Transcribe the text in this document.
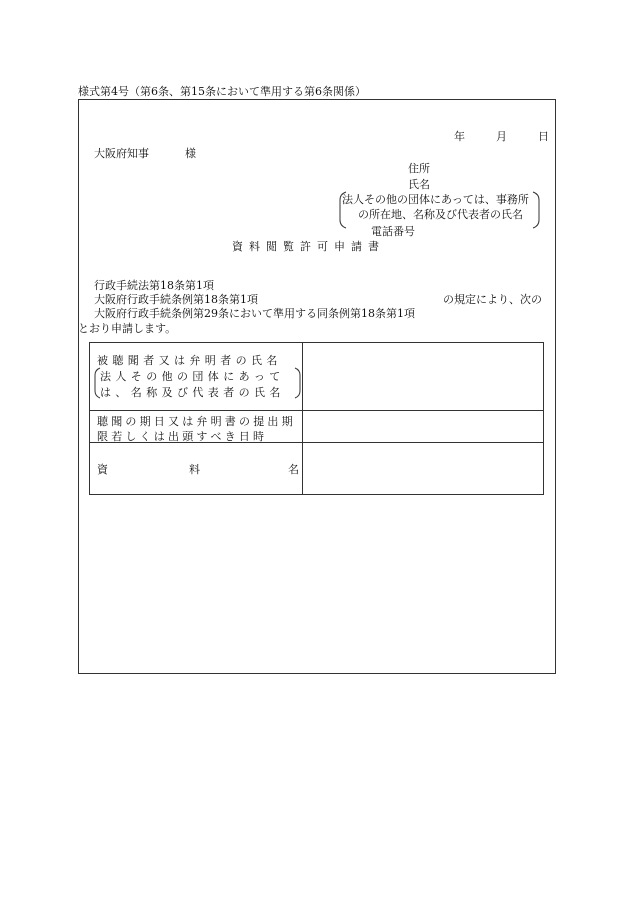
様式第4号（第6条、第15条において準用する第6条関係）
年	月	日
大阪府知事	様
住所
氏名
法人その他の団体にあっては、事務所
の所在地、名称及び代表者の氏名
電話番号
資料閲覧許可申請書
行政手続法第18条第1項
大阪府行政手続条例第18条第1項
大阪府行政手続条例第29条において準用する同条例第18条第1項
の規定により、次の
とおり申請します。
被聴聞者又は弁明者の氏名
法人その他の団体にあって
は、名称及び代表者の氏名
聴聞の期日又は弁明書の提出期
限若しくは出頭すべき日時
資	料	名
